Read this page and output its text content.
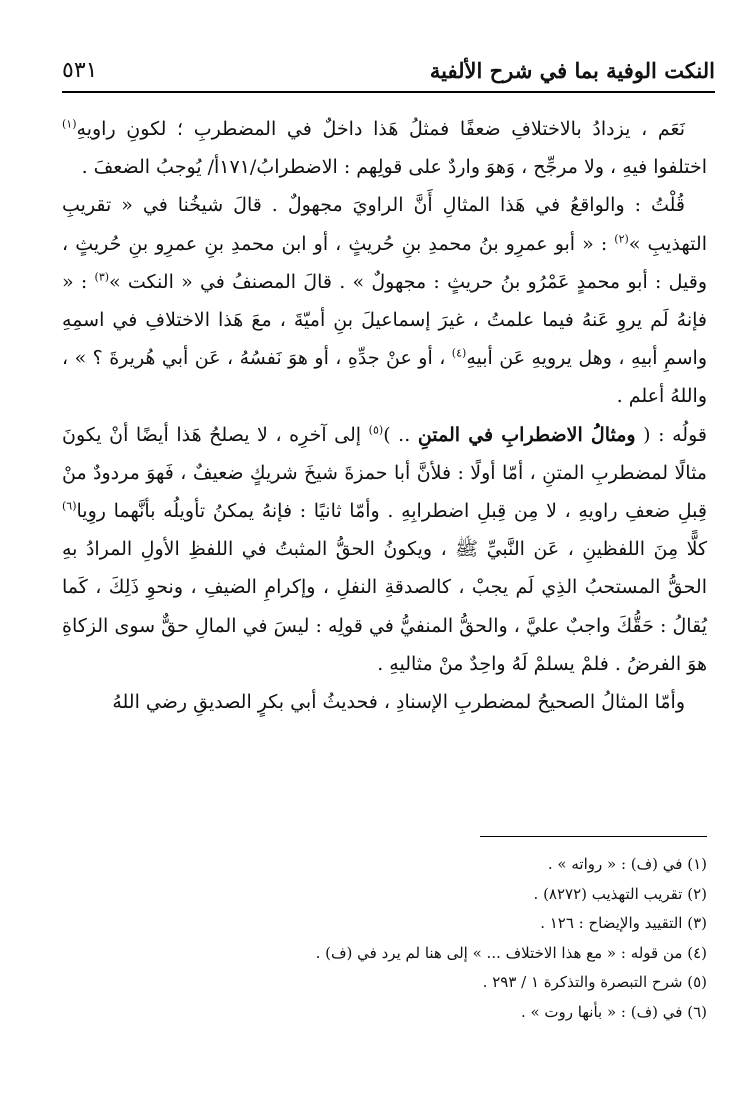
النكت الوفية بما في شرح الألفية
٥٣١

نَعَم ، يزدادُ بالاختلافِ ضعفًا فمثلُ هَذا داخلٌ في المضطربِ ؛ لكونِ راويهِ$^{(١)}$ اختلفوا فيهِ ، ولا مرجِّح ، وَهوَ واردٌ على قولِهم : الاضطرابُ/١٧١أ/ يُوجبُ الضعفَ .

قُلْتُ : والواقعُ في هَذا المثالِ أَنَّ الراويَ مجهولٌ . قالَ شيخُنا في « تقريبِ التهذيبِ »$^{(٢)}$ : « أبو عمرِو بنُ محمدِ بنِ حُريثٍ ، أو ابن محمدِ بنِ عمرِو بنِ حُريثٍ ، وقيل : أبو محمدٍ عَمْرُو بنُ حريثٍ : مجهولٌ » . قالَ المصنفُ في « النكت »$^{(٣)}$ : « فإنهُ لَم يروِ عَنهُ فيما علمتُ ، غيرَ إسماعيلَ بنِ أميّةَ ، معَ هَذا الاختلافِ في اسمِهِ واسمِ أبيهِ ، وهل يرويهِ عَن أبيهِ$^{(٤)}$ ، أو عنْ جدِّهِ ، أو هوَ نَفسُهُ ، عَن أبي هُريرةَ ؟ » ، واللهُ أعلم .

قولُه : ( ومثالُ الاضطرابِ في المتنِ .. )$^{(٥)}$ إلى آخرِه ، لا يصلحُ هَذا أيضًا أنْ يكونَ مثالًا لمضطربِ المتنِ ، أمّا أولًا : فلأنَّ أبا حمزةَ شيخَ شريكٍ ضعيفٌ ، فَهوَ مردودٌ منْ قِبلِ ضعفِ راويهِ ، لا مِن قِبلِ اضطرابِهِ . وأمّا ثانيًا : فإنهُ يمكنُ تأويلُه بأنَّهما روِيا$^{(٦)}$ كلًّا مِنَ اللفظينِ ، عَن النَّبيِّ ﷺ ، ويكونُ الحقُّ المثبتُ في اللفظِ الأولِ المرادُ بهِ الحقُّ المستحبُ الذِي لَم يجبْ ، كالصدقةِ النفلِ ، وإكرامِ الضيفِ ، ونحوِ ذَلِكَ ، كَما يُقالُ : حَقُّكَ واجبٌ عليَّ ، والحقُّ المنفيُّ في قولِه : ليسَ في المالِ حقٌّ سوى الزكاةِ هوَ الفرضُ . فلمْ يسلمْ لَهُ واحِدٌ منْ مثاليهِ .

وأمّا المثالُ الصحيحُ لمضطربِ الإسنادِ ، فحديثُ أبي بكرٍ الصديقِ رضي اللهُ

(١) في (ف) : « رواته » .
(٢) تقريب التهذيب (٨٢٧٢) .
(٣) التقييد والإيضاح : ١٢٦ .
(٤) من قوله : « مع هذا الاختلاف ... » إلى هنا لم يرد في (ف) .
(٥) شرح التبصرة والتذكرة ١ / ٢٩٣ .
(٦) في (ف) : « بأنها روت » .
